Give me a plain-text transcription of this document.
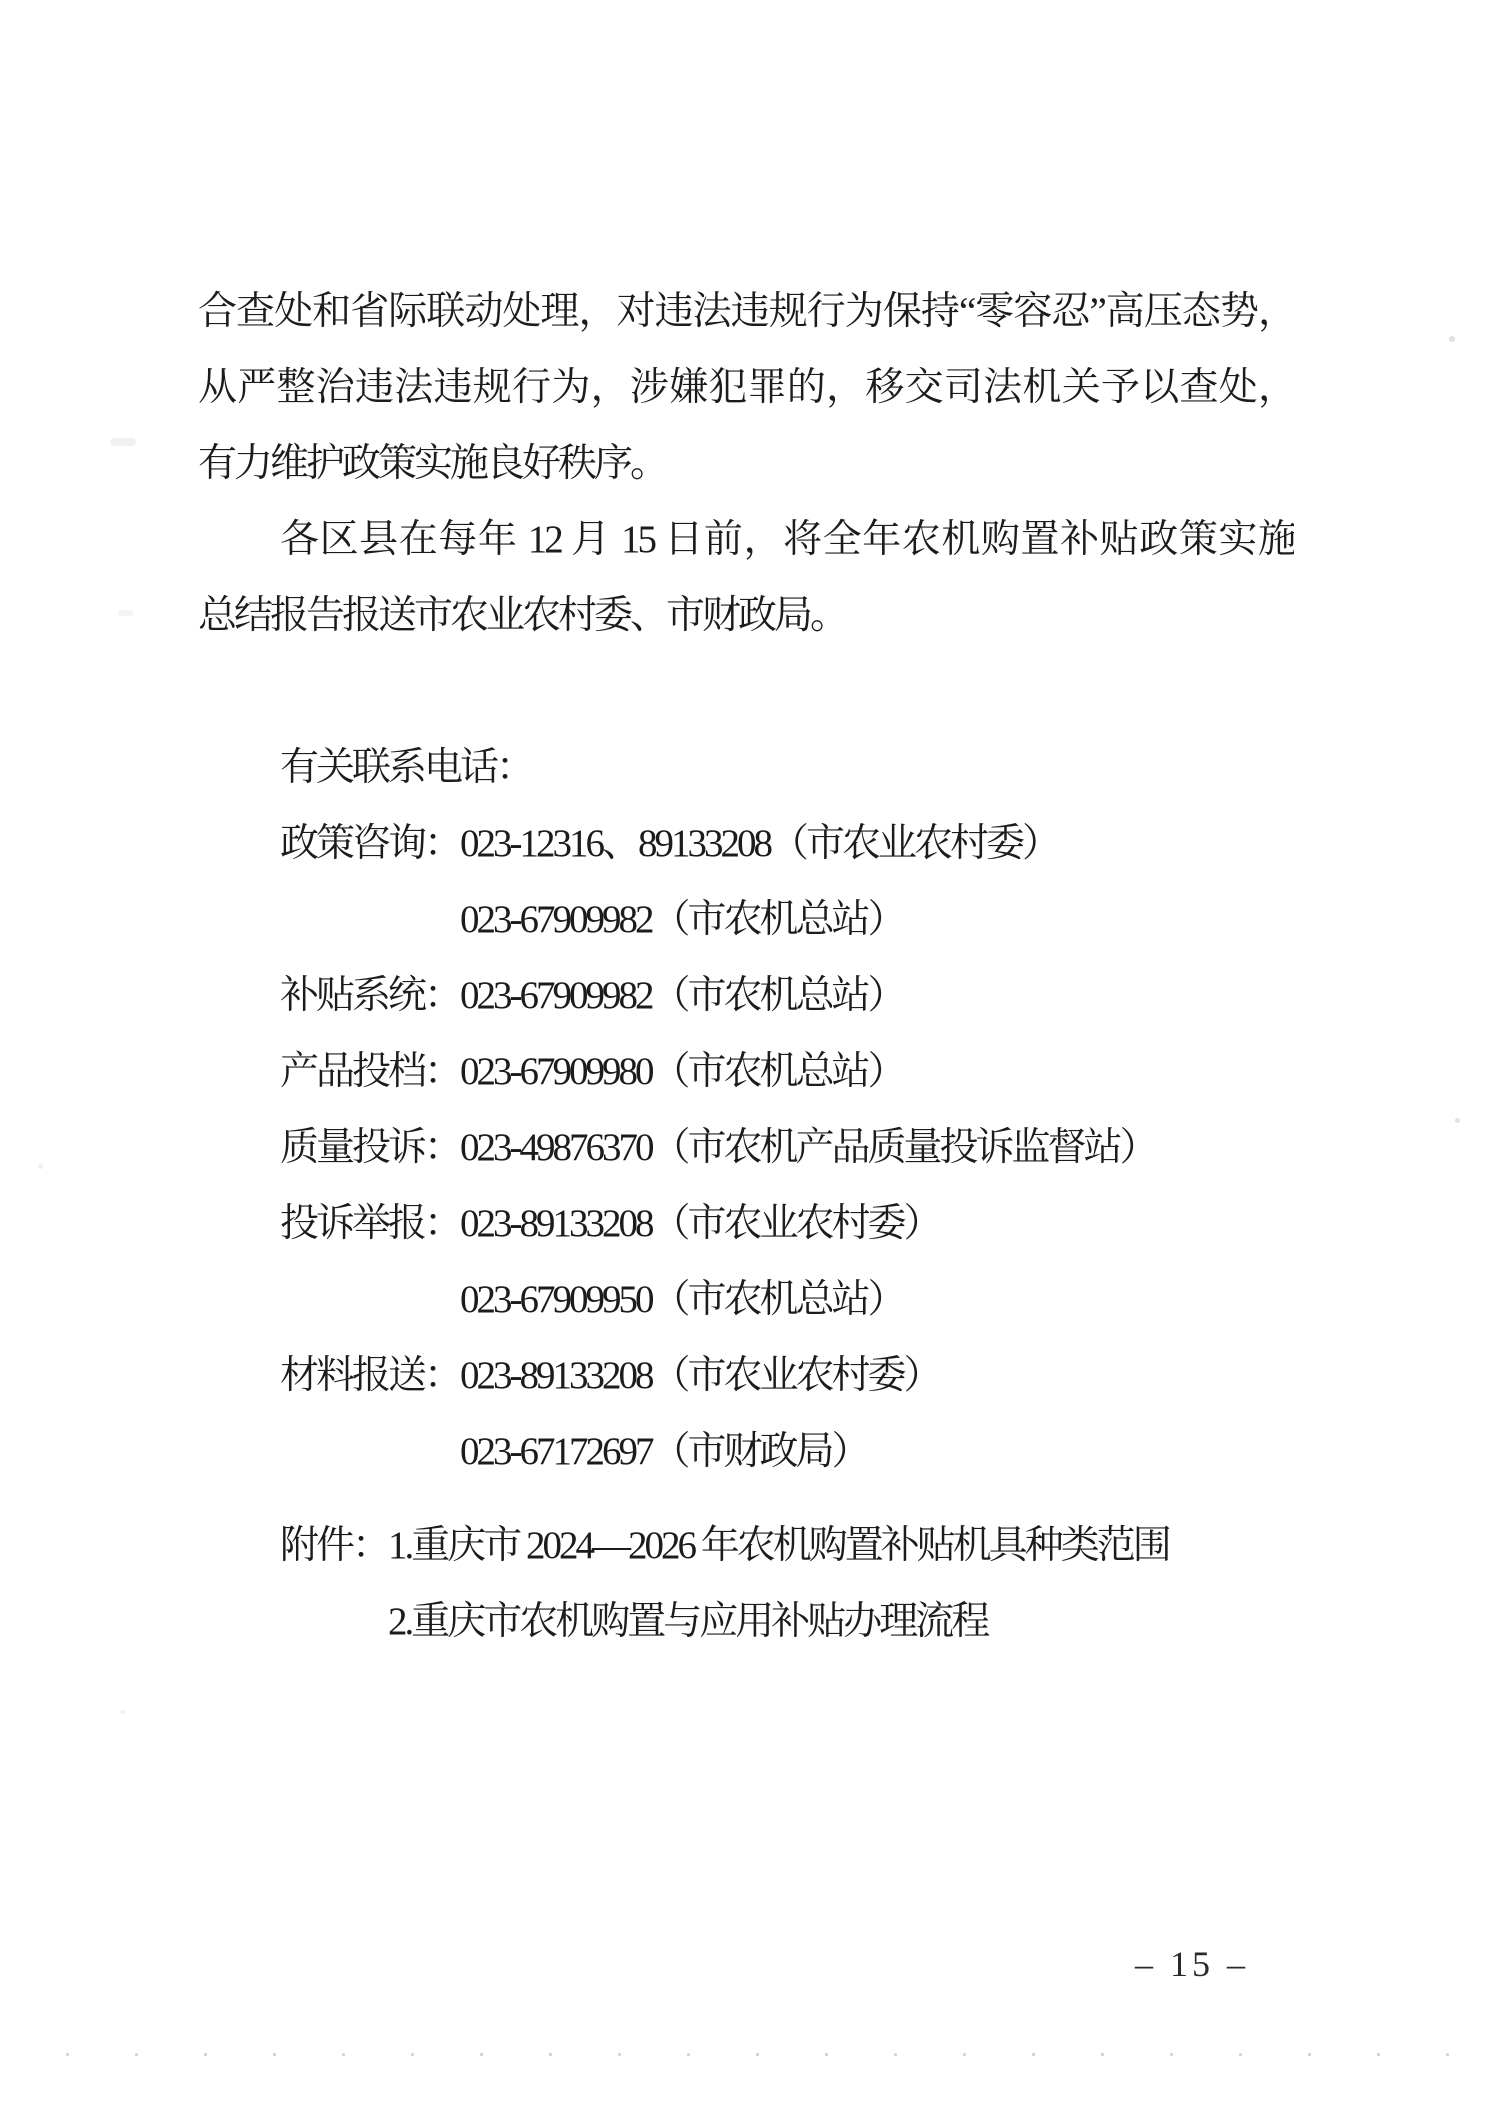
合查处和省际联动处理，对违法违规行为保持“零容忍”高压态势，
从严整治违法违规行为，涉嫌犯罪的，移交司法机关予以查处，
有力维护政策实施良好秩序。
各区县在每年 12 月 15 日前，将全年农机购置补贴政策实施
总结报告报送市农业农村委、市财政局。
有关联系电话：
政策咨询：023-12316、89133208（市农业农村委）
023-67909982（市农机总站）
补贴系统：023-67909982（市农机总站）
产品投档：023-67909980（市农机总站）
质量投诉：023-49876370（市农机产品质量投诉监督站）
投诉举报：023-89133208（市农业农村委）
023-67909950（市农机总站）
材料报送：023-89133208（市农业农村委）
023-67172697（市财政局）
附件：1.重庆市 2024—2026 年农机购置补贴机具种类范围
2.重庆市农机购置与应用补贴办理流程
– 15 –
